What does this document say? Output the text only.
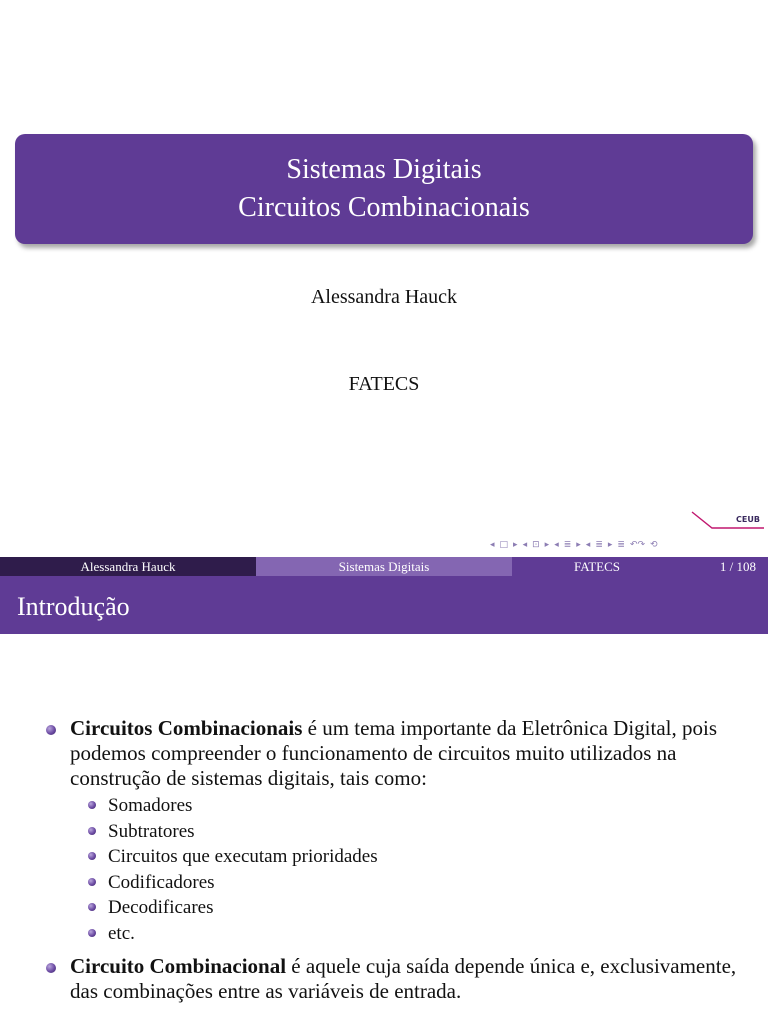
Sistemas Digitais
Circuitos Combinacionais
Alessandra Hauck
FATECS
CEUB
◂ □ ▸ ◂ ⊡ ▸ ◂ ≣ ▸ ◂ ≣ ▸ ≣ ↶↷ ⟲
Alessandra Hauck	Sistemas Digitais	FATECS	1 / 108
Introdução
Circuitos Combinacionais é um tema importante da Eletrônica Digital, pois podemos compreender o funcionamento de circuitos muito utilizados na construção de sistemas digitais, tais como:
Somadores
Subtratores
Circuitos que executam prioridades
Codificadores
Decodificares
etc.
Circuito Combinacional é aquele cuja saída depende única e, exclusivamente, das combinações entre as variáveis de entrada.
